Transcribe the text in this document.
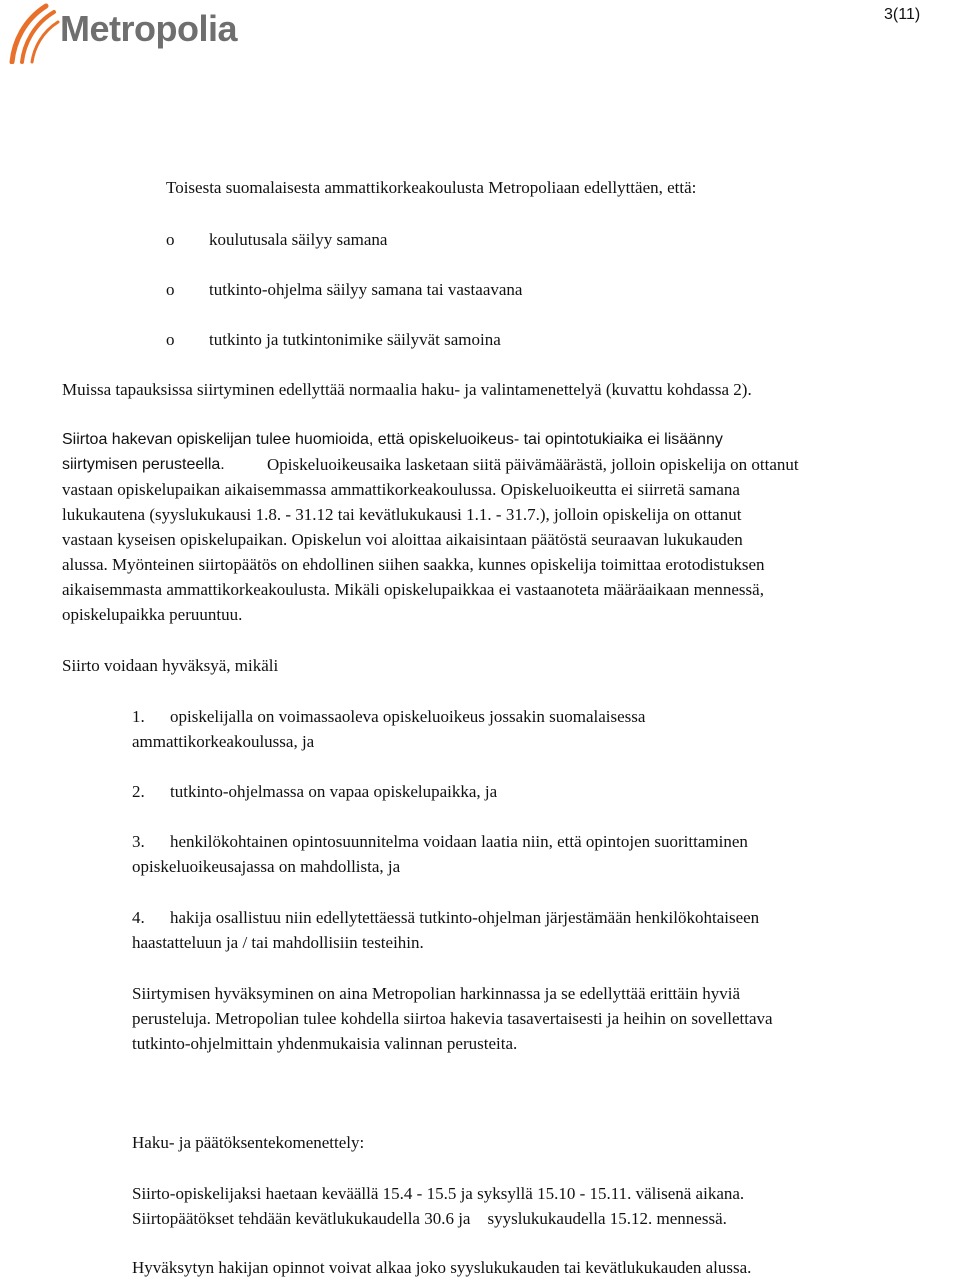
Metropolia	3(11)
Toisesta suomalaisesta ammattikorkeakoulusta Metropoliaan edellyttäen, että:
o koulutusala säilyy samana
o tutkinto-ohjelma säilyy samana tai vastaavana
o tutkinto ja tutkintonimike säilyvät samoina
Muissa tapauksissa siirtyminen edellyttää normaalia haku- ja valintamenettelyä (kuvattu kohdassa 2).
Siirtoa hakevan opiskelijan tulee huomioida, että opiskeluoikeus- tai opintotukiaika ei lisäänny
siirtymisen perusteella. Opiskeluoikeusaika lasketaan siitä päivämäärästä, jolloin opiskelija on ottanut
vastaan opiskelupaikan aikaisemmassa ammattikorkeakoulussa. Opiskeluoikeutta ei siirretä samana
lukukautena (syyslukukausi 1.8. - 31.12 tai kevätlukukausi 1.1. - 31.7.), jolloin opiskelija on ottanut
vastaan kyseisen opiskelupaikan. Opiskelun voi aloittaa aikaisintaan päätöstä seuraavan lukukauden
alussa. Myönteinen siirtopäätös on ehdollinen siihen saakka, kunnes opiskelija toimittaa erotodistuksen
aikaisemmasta ammattikorkeakoulusta. Mikäli opiskelupaikkaa ei vastaanoteta määräaikaan mennessä,
opiskelupaikka peruuntuu.
Siirto voidaan hyväksyä, mikäli
1. opiskelijalla on voimassaoleva opiskeluoikeus jossakin suomalaisessa
ammattikorkeakoulussa, ja
2. tutkinto-ohjelmassa on vapaa opiskelupaikka, ja
3. henkilökohtainen opintosuunnitelma voidaan laatia niin, että opintojen suorittaminen
opiskeluoikeusajassa on mahdollista, ja
4. hakija osallistuu niin edellytettäessä tutkinto-ohjelman järjestämään henkilökohtaiseen
haastatteluun ja / tai mahdollisiin testeihin.
Siirtymisen hyväksyminen on aina Metropolian harkinnassa ja se edellyttää erittäin hyviä
perusteluja. Metropolian tulee kohdella siirtoa hakevia tasavertaisesti ja heihin on sovellettava
tutkinto-ohjelmittain yhdenmukaisia valinnan perusteita.
Haku- ja päätöksentekomenettely:
Siirto-opiskelijaksi haetaan keväällä 15.4 - 15.5 ja syksyllä 15.10 - 15.11. välisenä aikana.
Siirtopäätökset tehdään kevätlukukaudella 30.6 ja    syyslukukaudella 15.12. mennessä.
Hyväksytyn hakijan opinnot voivat alkaa joko syyslukukauden tai kevätlukukauden alussa.
